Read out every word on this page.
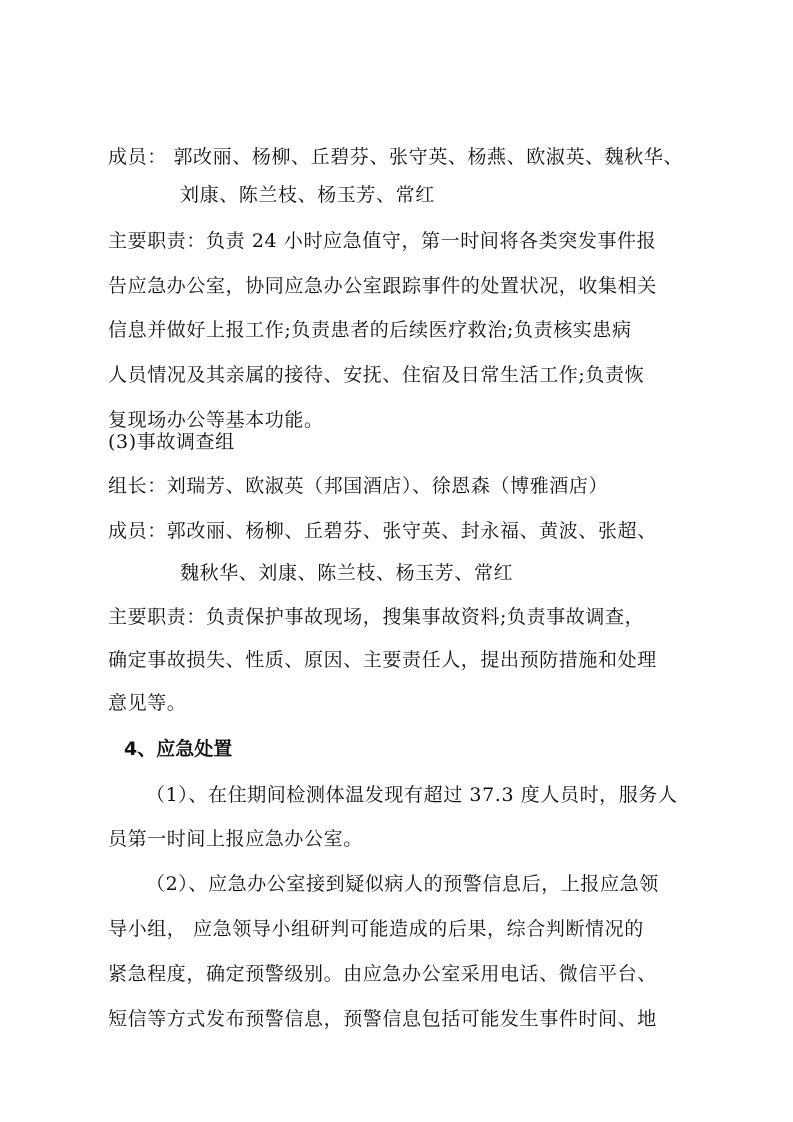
成员： 郭改丽、杨柳、丘碧芬、张守英、杨燕、欧淑英、魏秋华、
刘康、陈兰枝、杨玉芳、常红
主要职责：负责 24 小时应急值守，第一时间将各类突发事件报
告应急办公室，协同应急办公室跟踪事件的处置状况，收集相关
信息并做好上报工作;负责患者的后续医疗救治;负责核实患病
人员情况及其亲属的接待、安抚、住宿及日常生活工作;负责恢
复现场办公等基本功能。
(3)事故调查组
组长：刘瑞芳、欧淑英（邦国酒店）、徐恩森（博雅酒店）
成员：郭改丽、杨柳、丘碧芬、张守英、封永福、黄波、张超、
魏秋华、刘康、陈兰枝、杨玉芳、常红
主要职责：负责保护事故现场，搜集事故资料;负责事故调查，
确定事故损失、性质、原因、主要责任人，提出预防措施和处理
意见等。
4、应急处置
（1）、在住期间检测体温发现有超过 37.3 度人员时，服务人
员第一时间上报应急办公室。
（2）、应急办公室接到疑似病人的预警信息后，上报应急领
导小组， 应急领导小组研判可能造成的后果，综合判断情况的
紧急程度，确定预警级别。由应急办公室采用电话、微信平台、
短信等方式发布预警信息，预警信息包括可能发生事件时间、地
